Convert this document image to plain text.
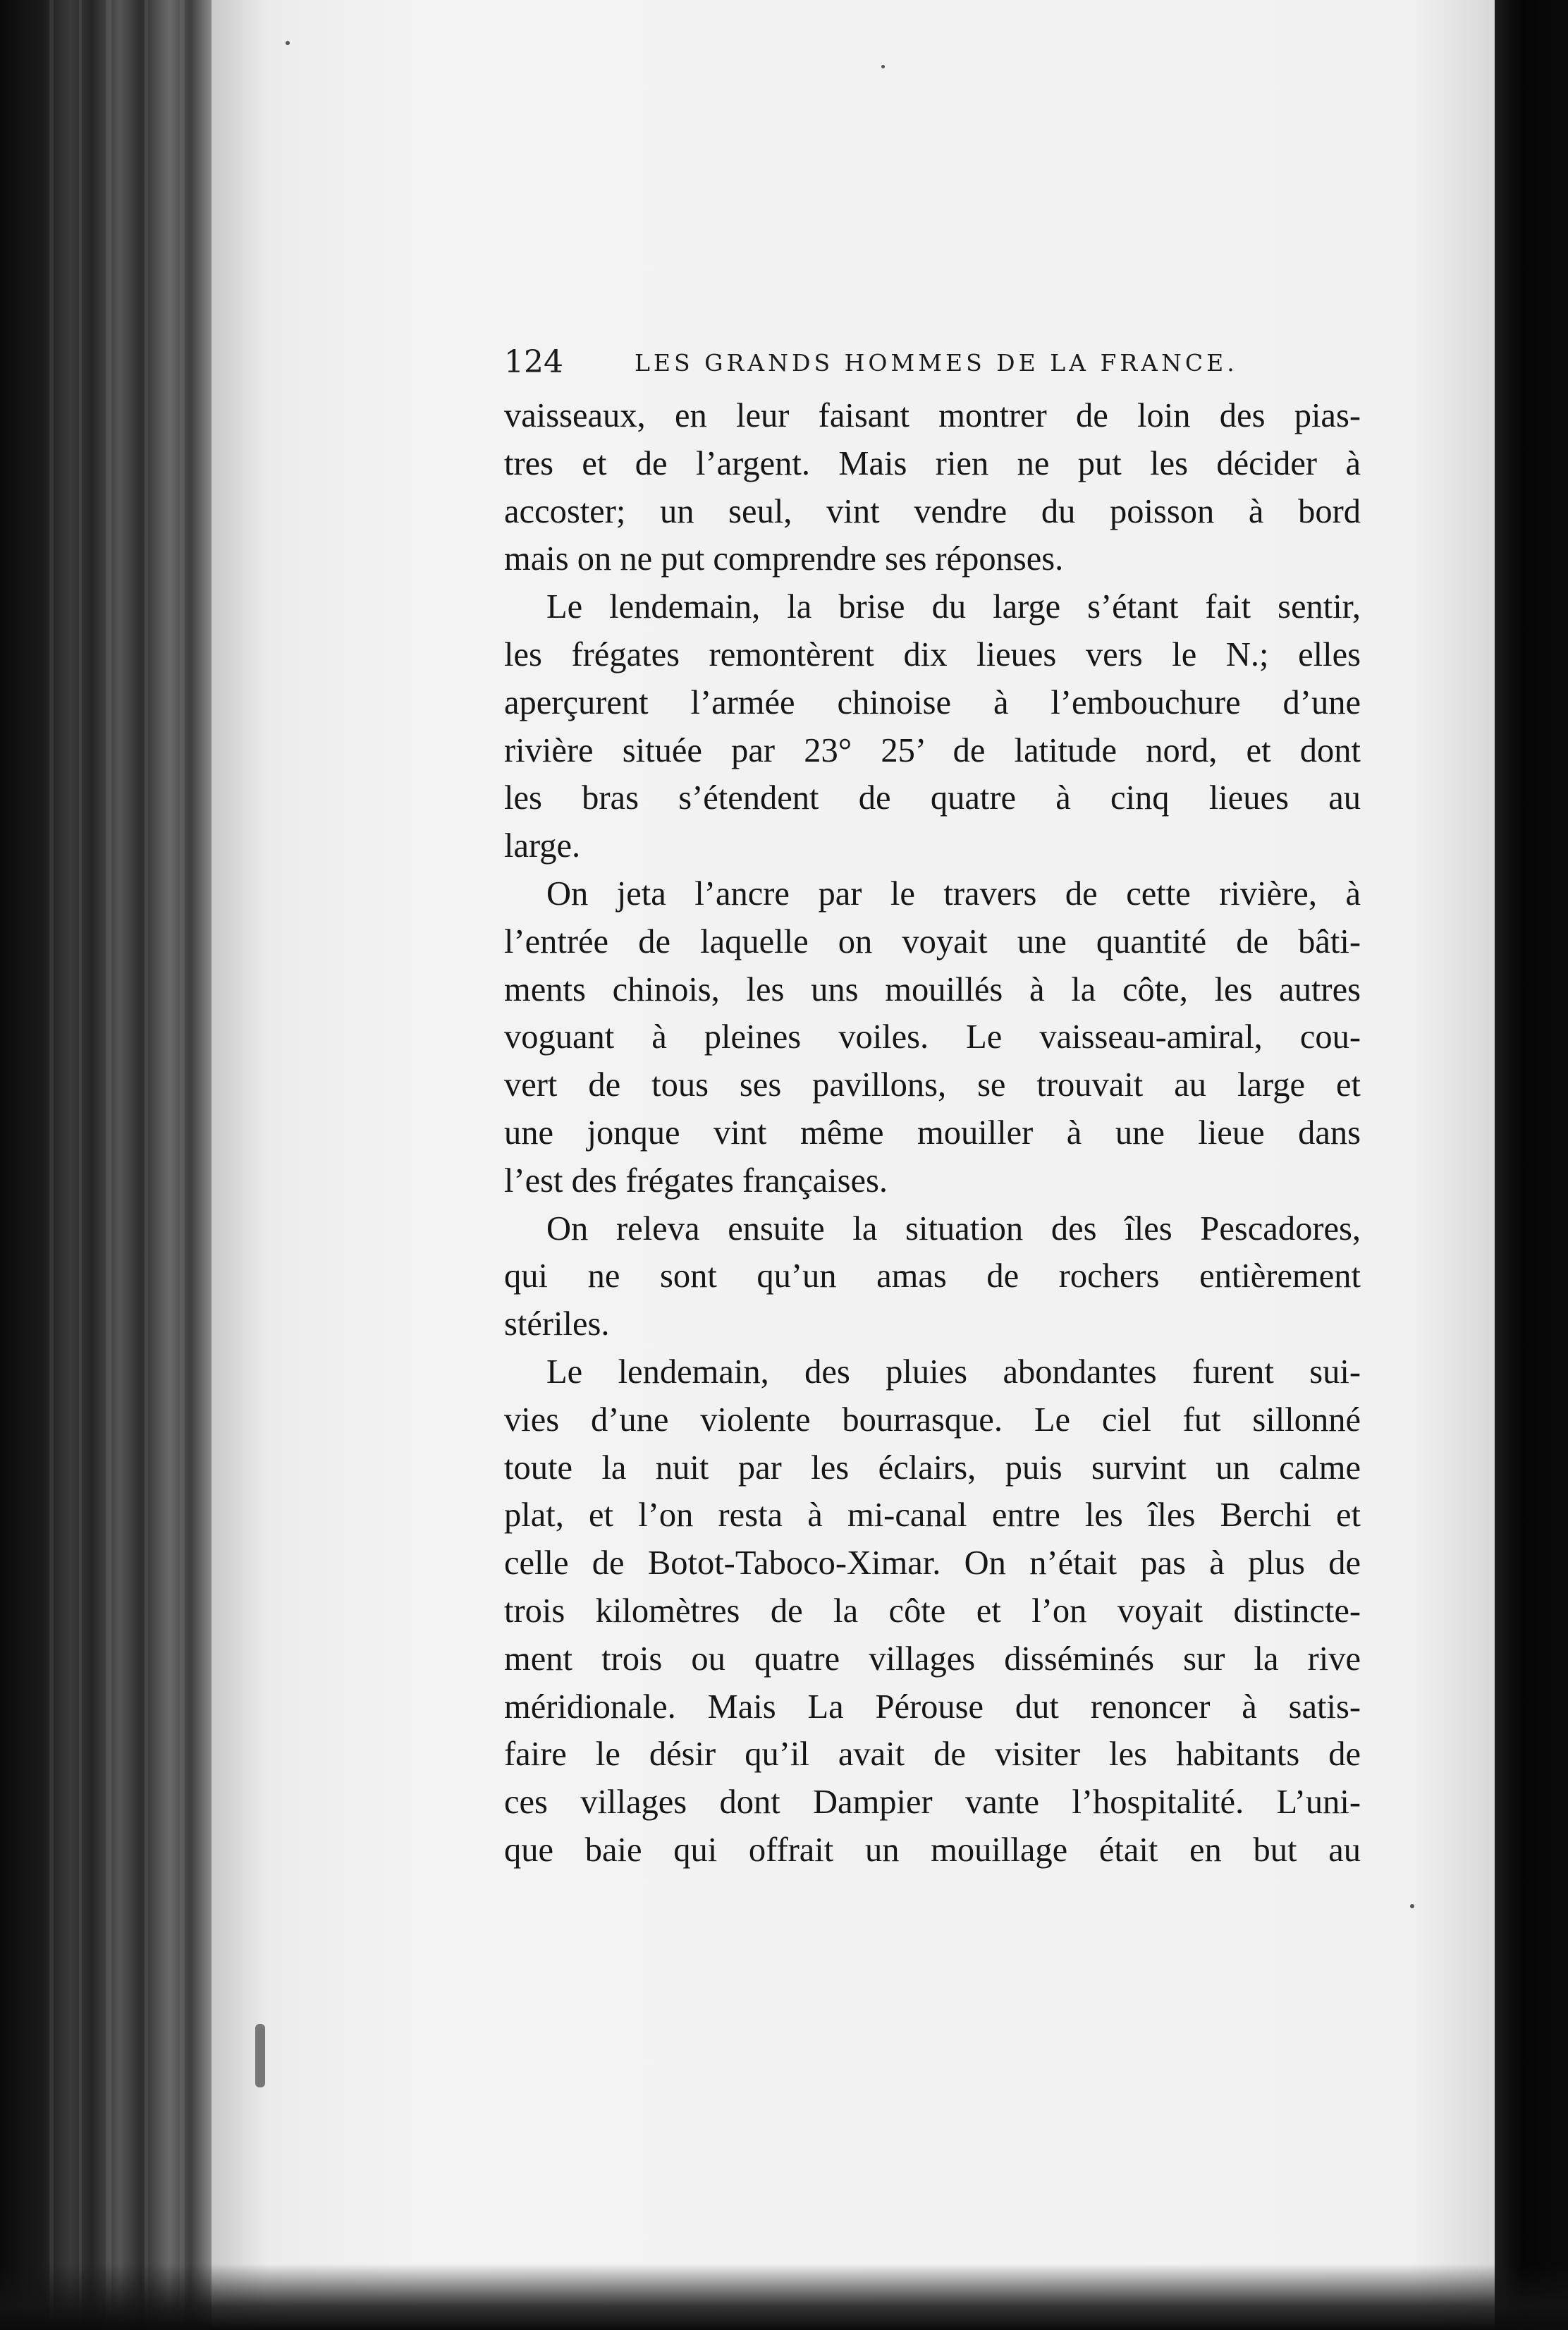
124	LES GRANDS HOMMES DE LA FRANCE.
vaisseaux, en leur faisant montrer de loin des pias-
tres et de l’argent. Mais rien ne put les décider à
accoster; un seul, vint vendre du poisson à bord
mais on ne put comprendre ses réponses.
Le lendemain, la brise du large s’étant fait sentir,
les frégates remontèrent dix lieues vers le N.; elles
aperçurent l’armée chinoise à l’embouchure d’une
rivière située par 23° 25’ de latitude nord, et dont
les bras s’étendent de quatre à cinq lieues au
large.
On jeta l’ancre par le travers de cette rivière, à
l’entrée de laquelle on voyait une quantité de bâti-
ments chinois, les uns mouillés à la côte, les autres
voguant à pleines voiles. Le vaisseau-amiral, cou-
vert de tous ses pavillons, se trouvait au large et
une jonque vint même mouiller à une lieue dans
l’est des frégates françaises.
On releva ensuite la situation des îles Pescadores,
qui ne sont qu’un amas de rochers entièrement
stériles.
Le lendemain, des pluies abondantes furent sui-
vies d’une violente bourrasque. Le ciel fut sillonné
toute la nuit par les éclairs, puis survint un calme
plat, et l’on resta à mi-canal entre les îles Berchi et
celle de Botot-Taboco-Ximar. On n’était pas à plus de
trois kilomètres de la côte et l’on voyait distincte-
ment trois ou quatre villages disséminés sur la rive
méridionale. Mais La Pérouse dut renoncer à satis-
faire le désir qu’il avait de visiter les habitants de
ces villages dont Dampier vante l’hospitalité. L’uni-
que baie qui offrait un mouillage était en but au
